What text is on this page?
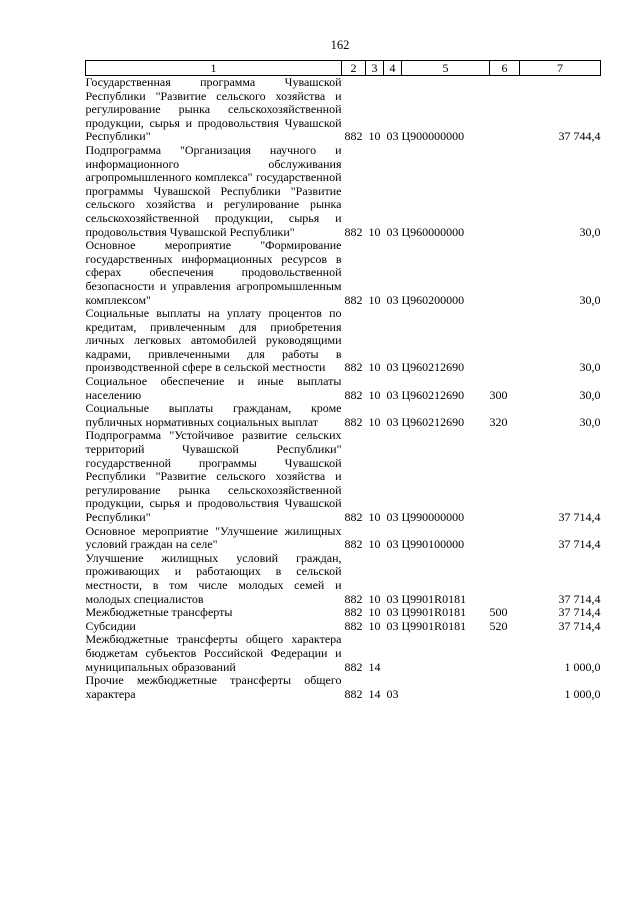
162
1	2	3	4	5	6	7
Государственная программа Чувашской Республики "Развитие сельского хозяйства и регулирование рынка сельскохозяйственной продукции, сырья и продовольствия Чувашской Республики"	882	10	03	Ц900000000		37 744,4
Подпрограмма "Организация научного и информационного обслуживания агропромышленного комплекса" государственной программы Чувашской Республики "Развитие сельского хозяйства и регулирование рынка сельскохозяйственной продукции, сырья и продовольствия Чувашской Республики"	882	10	03	Ц960000000		30,0
Основное мероприятие "Формирование государственных информационных ресурсов в сферах обеспечения продовольственной безопасности и управления агропромышленным комплексом"	882	10	03	Ц960200000		30,0
Социальные выплаты на уплату процентов по кредитам, привлеченным для приобретения личных легковых автомобилей руководящими кадрами, привлеченными для работы в производственной сфере в сельской местности	882	10	03	Ц960212690		30,0
Социальное обеспечение и иные выплаты населению	882	10	03	Ц960212690	300	30,0
Социальные выплаты гражданам, кроме публичных нормативных социальных выплат	882	10	03	Ц960212690	320	30,0
Подпрограмма "Устойчивое развитие сельских территорий Чувашской Республики" государственной программы Чувашской Республики "Развитие сельского хозяйства и регулирование рынка сельскохозяйственной продукции, сырья и продовольствия Чувашской Республики"	882	10	03	Ц990000000		37 714,4
Основное мероприятие "Улучшение жилищных условий граждан на селе"	882	10	03	Ц990100000		37 714,4
Улучшение жилищных условий граждан, проживающих и работающих в сельской местности, в том числе молодых семей и молодых специалистов	882	10	03	Ц9901R0181		37 714,4
Межбюджетные трансферты	882	10	03	Ц9901R0181	500	37 714,4
Субсидии	882	10	03	Ц9901R0181	520	37 714,4
Межбюджетные трансферты общего характера бюджетам субъектов Российской Федерации и муниципальных образований	882	14				1 000,0
Прочие межбюджетные трансферты общего характера	882	14	03			1 000,0
